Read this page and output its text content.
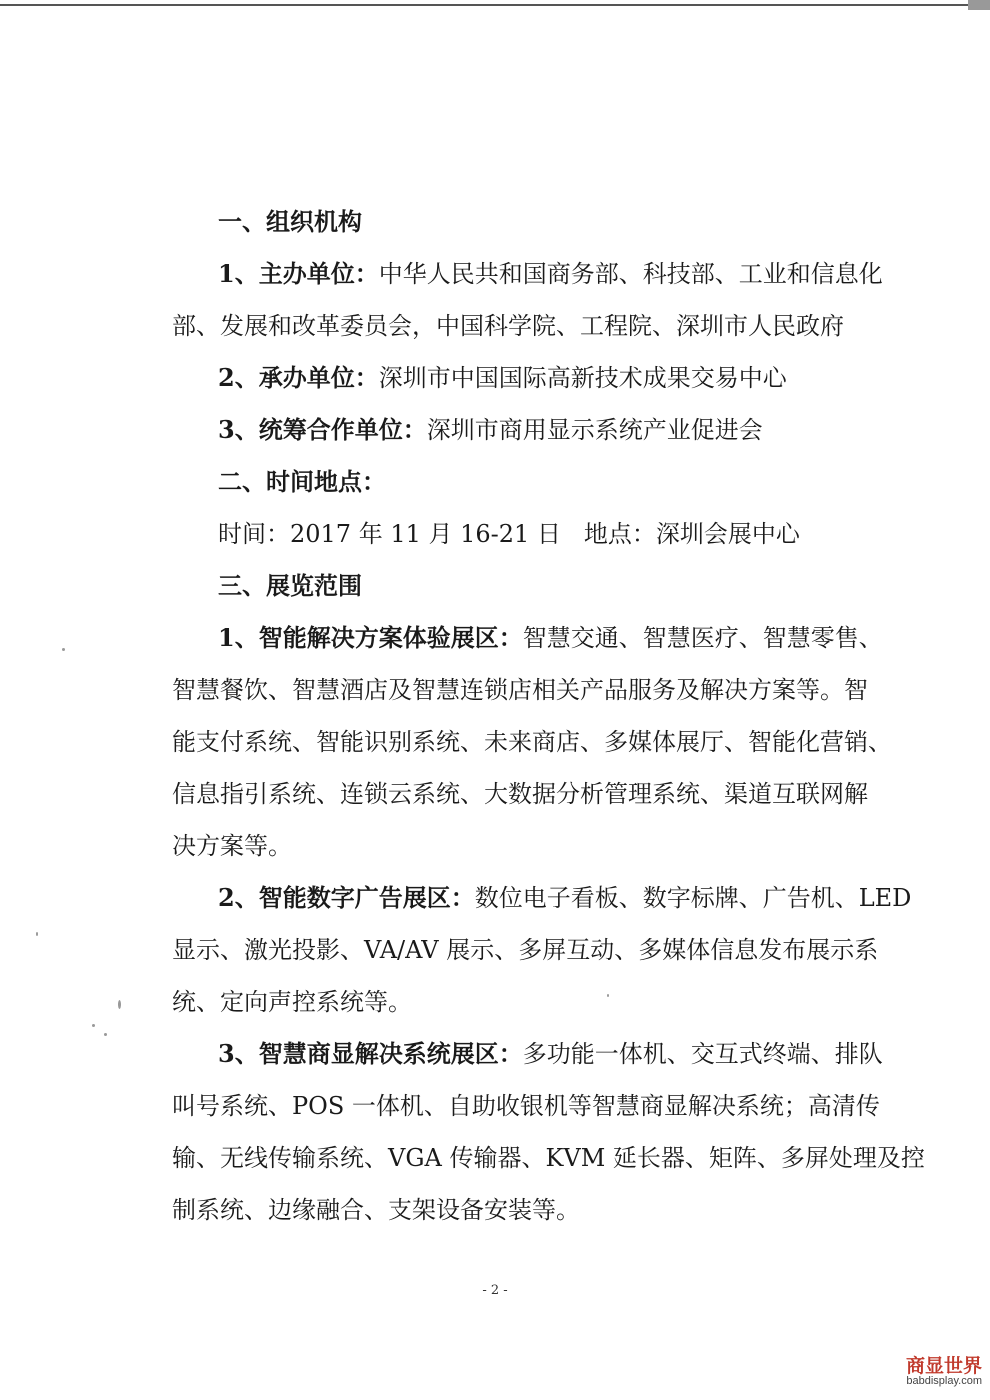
一、组织机构
1、主办单位：中华人民共和国商务部、科技部、工业和信息化
部、发展和改革委员会，中国科学院、工程院、深圳市人民政府
2、承办单位：深圳市中国国际高新技术成果交易中心
3、统筹合作单位：深圳市商用显示系统产业促进会
二、时间地点：
时间：2017 年 11 月 16-21 日   地点：深圳会展中心
三、展览范围
1、智能解决方案体验展区：智慧交通、智慧医疗、智慧零售、
智慧餐饮、智慧酒店及智慧连锁店相关产品服务及解决方案等。智
能支付系统、智能识别系统、未来商店、多媒体展厅、智能化营销、
信息指引系统、连锁云系统、大数据分析管理系统、渠道互联网解
决方案等。
2、智能数字广告展区：数位电子看板、数字标牌、广告机、LED
显示、激光投影、VA/AV 展示、多屏互动、多媒体信息发布展示系
统、定向声控系统等。
3、智慧商显解决系统展区：多功能一体机、交互式终端、排队
叫号系统、POS 一体机、自助收银机等智慧商显解决系统；高清传
输、无线传输系统、VGA 传输器、KVM 延长器、矩阵、多屏处理及控
制系统、边缘融合、支架设备安装等。
- 2 -
商显世界
babdisplay.com
